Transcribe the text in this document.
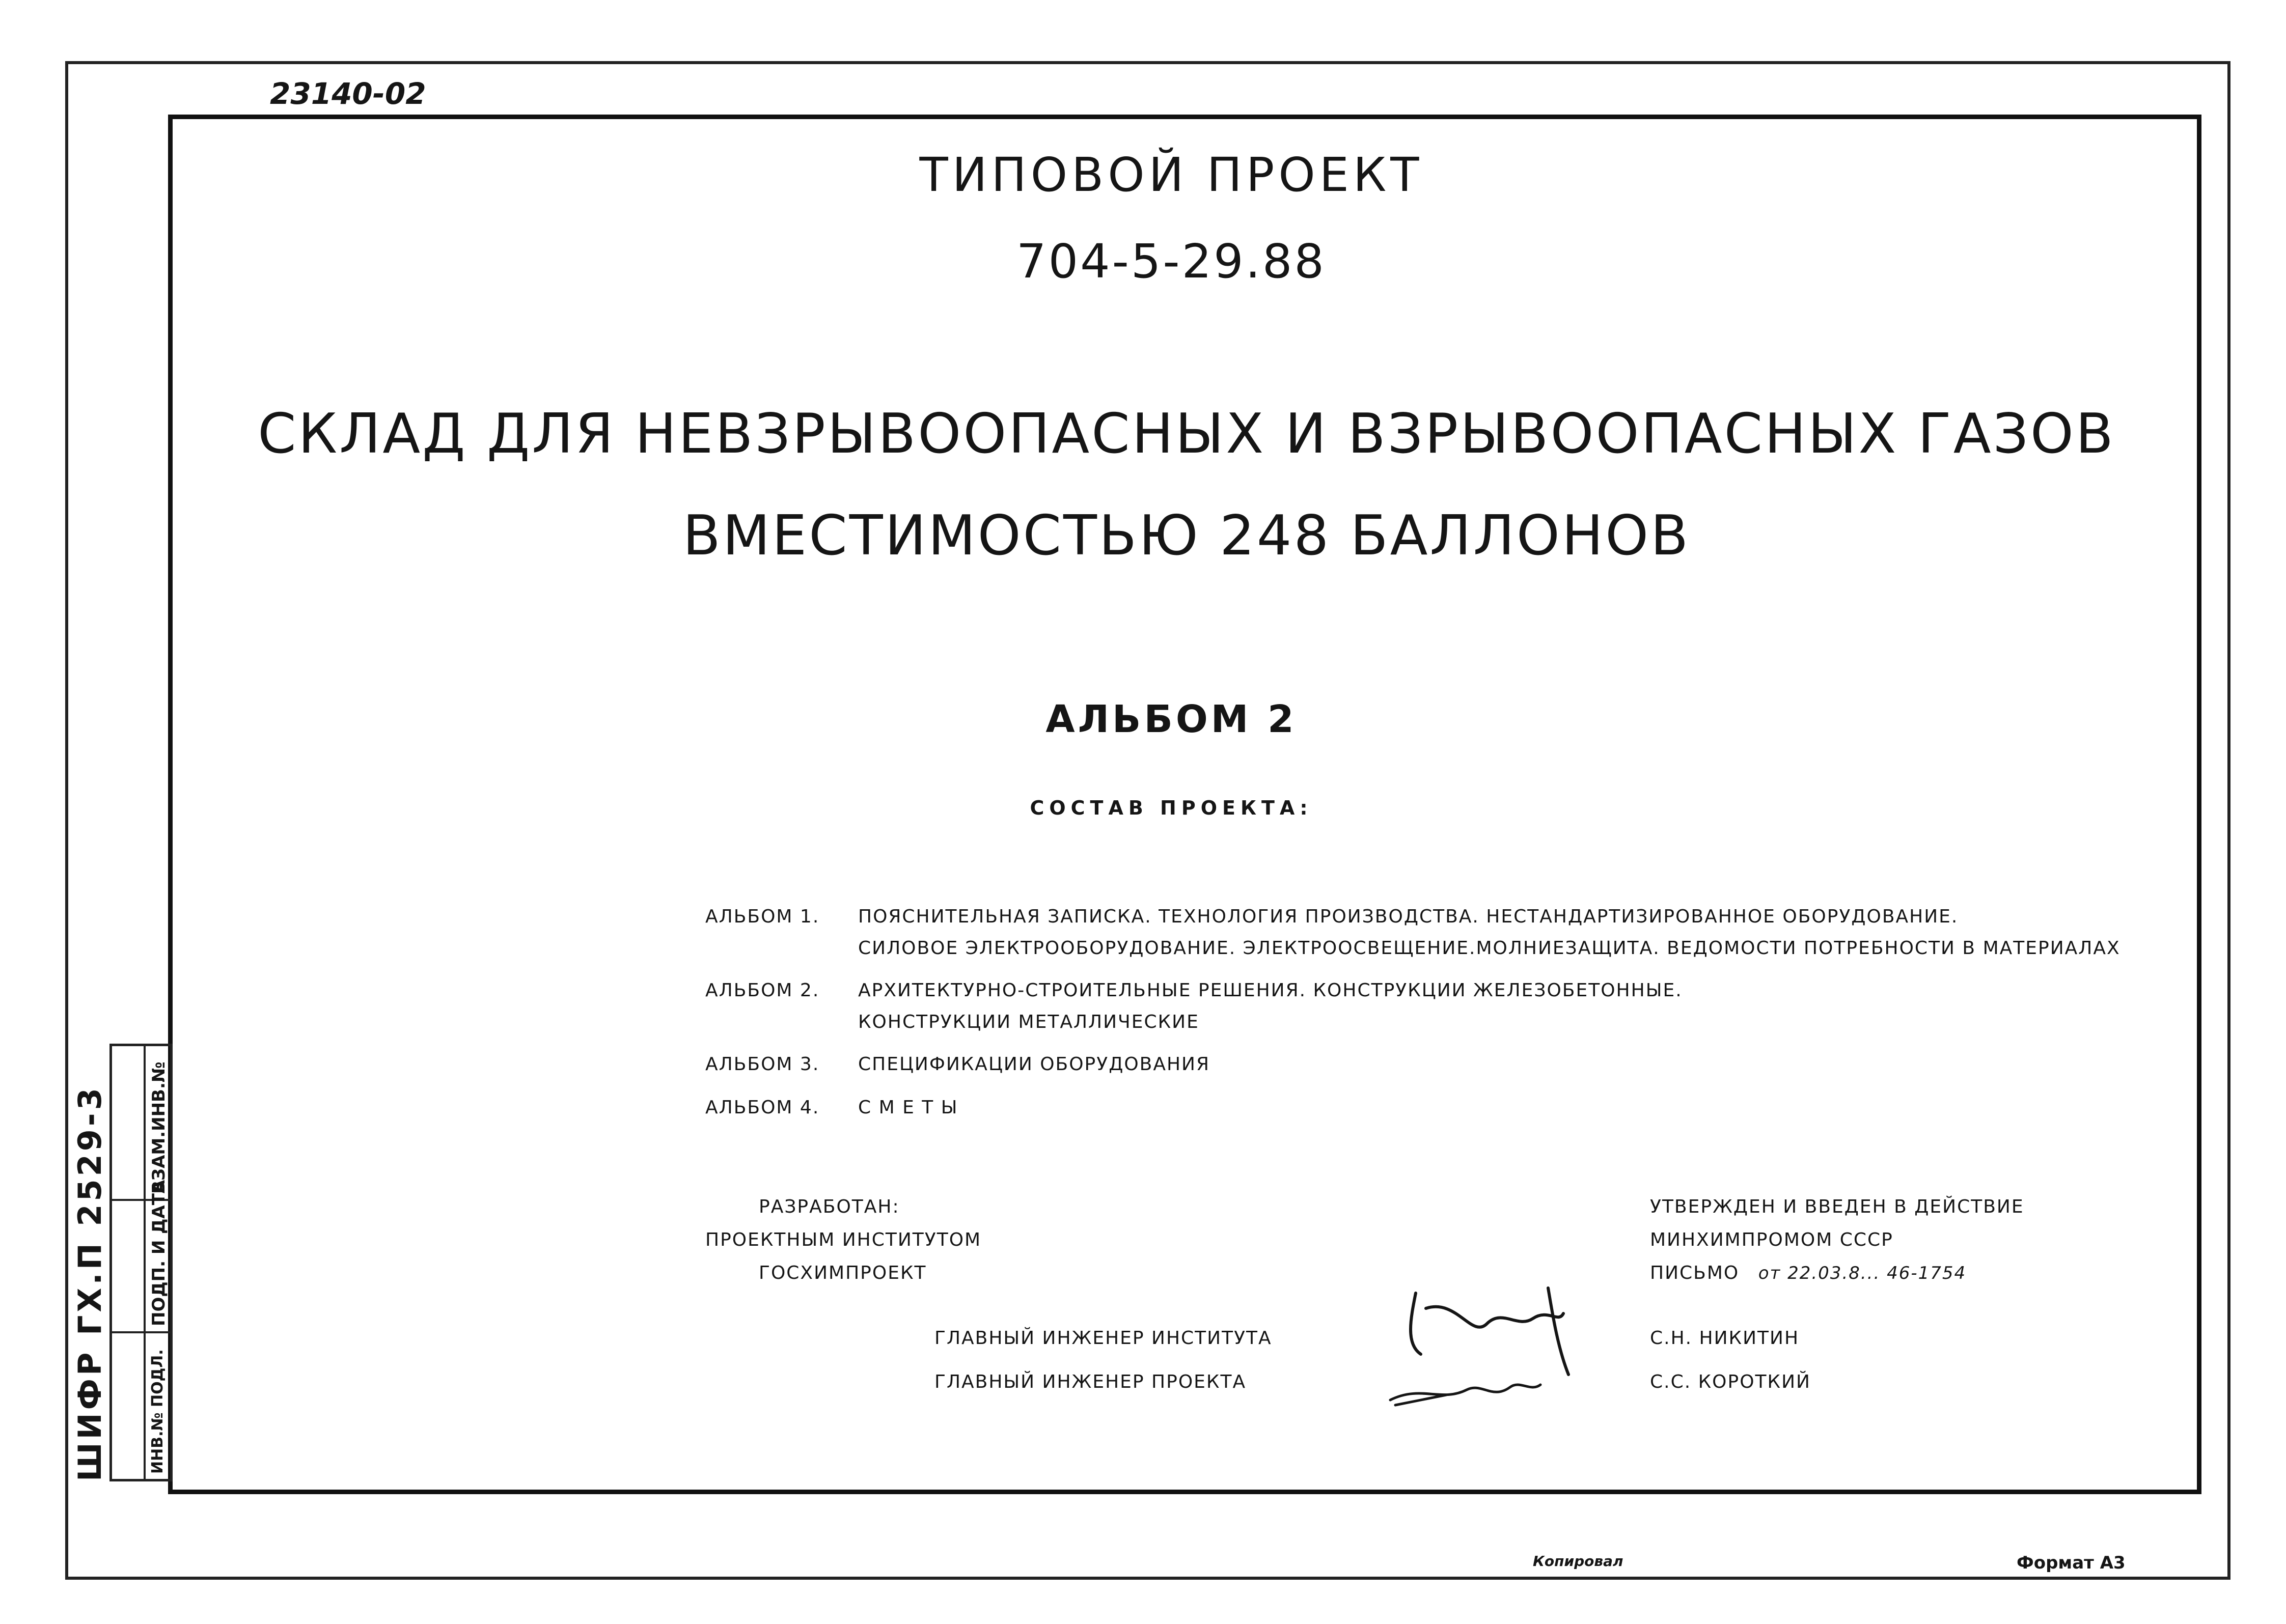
23140-02
ТИПОВОЙ ПРОЕКТ
704-5-29.88
СКЛАД ДЛЯ НЕВЗРЫВООПАСНЫХ И ВЗРЫВООПАСНЫХ ГАЗОВ
ВМЕСТИМОСТЬЮ 248 БАЛЛОНОВ
АЛЬБОМ 2
СОСТАВ ПРОЕКТА:
АЛЬБОМ 1. ПОЯСНИТЕЛЬНАЯ ЗАПИСКА. ТЕХНОЛОГИЯ ПРОИЗВОДСТВА. НЕСТАНДАРТИЗИРОВАННОЕ ОБОРУДОВАНИЕ.
СИЛОВОЕ ЭЛЕКТРООБОРУДОВАНИЕ. ЭЛЕКТРООСВЕЩЕНИЕ.МОЛНИЕЗАЩИТА. ВЕДОМОСТИ ПОТРЕБНОСТИ В МАТЕРИАЛАХ
АЛЬБОМ 2. АРХИТЕКТУРНО-СТРОИТЕЛЬНЫЕ РЕШЕНИЯ. КОНСТРУКЦИИ ЖЕЛЕЗОБЕТОННЫЕ.
КОНСТРУКЦИИ МЕТАЛЛИЧЕСКИЕ
АЛЬБОМ 3. СПЕЦИФИКАЦИИ ОБОРУДОВАНИЯ
АЛЬБОМ 4. С М Е Т Ы
РАЗРАБОТАН:
ПРОЕКТНЫМ ИНСТИТУТОМ
ГОСХИМПРОЕКТ
УТВЕРЖДЕН И ВВЕДЕН В ДЕЙСТВИЕ
МИНХИМПРОМОМ СССР
ПИСЬМО от 22.03.8... 46-1754
ГЛАВНЫЙ ИНЖЕНЕР ИНСТИТУТА	С.Н. НИКИТИН
ГЛАВНЫЙ ИНЖЕНЕР ПРОЕКТА	С.С. КОРОТКИЙ
ВЗАМ.ИНВ.№
ПОДП. И ДАТА
ИНВ.№ ПОДЛ.
ШИФР ГХ.П 2529-3
Копировал	Формат А3
